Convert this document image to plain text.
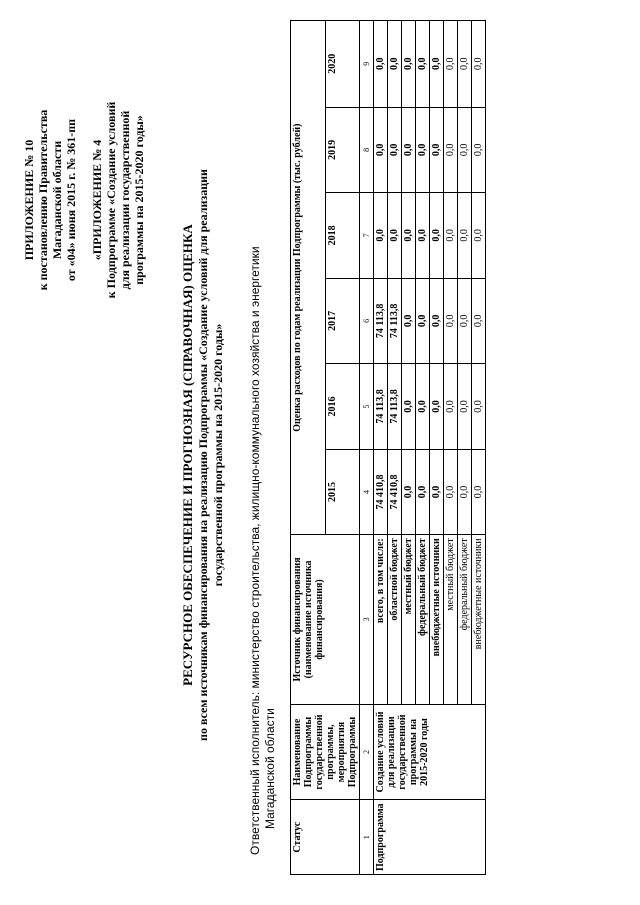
ПРИЛОЖЕНИЕ № 10 к постановлению Правительства Магаданской области от «04» июня 2015 г. № 361-пп «ПРИЛОЖЕНИЕ № 4 к Подпрограмме «Создание условий для реализации государственной программы на 2015-2020 годы»
РЕСУРСНОЕ ОБЕСПЕЧЕНИЕ И ПРОГНОЗНАЯ (СПРАВОЧНАЯ) ОЦЕНКА по всем источникам финансирования на реализацию Подпрограммы «Создание условий для реализации государственной программы на 2015-2020 годы» Ответственный исполнитель: министерство строительства, жилищно-коммунального хозяйства и энергетики Магаданской области
Статус	Наименование Подпрограммы государственной программы, мероприятия Подпрограммы	Источник финансирования (наименование источника финансирования)	Оценка расходов по годам реализации Подпрограммы (тыс. рублей)					
			2015	2016	2017	2018	2019	2020
1	2	3	4	5	6	7	8	9
Подпрограмма	Создание условий для реализации государственной программы на 2015-2020 годы	всего, в том числе:	74 410,8	74 113,8	74 113,8	0,0	0,0	0,0
		областной бюджет	74 410,8	74 113,8	74 113,8	0,0	0,0	0,0
		местный бюджет	0,0	0,0	0,0	0,0	0,0	0,0
		федеральный бюджет	0,0	0,0	0,0	0,0	0,0	0,0
		внебюджетные источники	0,0	0,0	0,0	0,0	0,0	0,0
		местный бюджет	0,0	0,0	0,0	0,0	0,0	0,0
		федеральный бюджет	0,0	0,0	0,0	0,0	0,0	0,0
		внебюджетные источники	0,0	0,0	0,0	0,0	0,0	0,0
